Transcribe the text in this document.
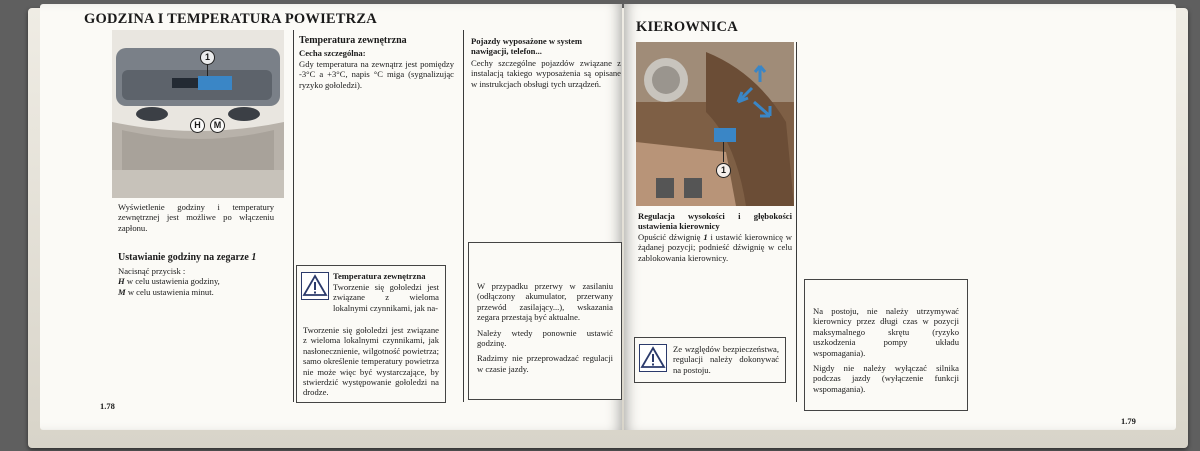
GODZINA I TEMPERATURA POWIETRZA
1
H	M
Wyświetlenie godziny i temperatury zewnętrznej jest możliwe po włączeniu zapłonu.
Ustawianie godziny na zegarze 1

Nacisnąć przycisk :

H w celu ustawienia godziny,

M w celu ustawienia minut.

Temperatura zewnętrzna
Cecha szczególna:
Gdy temperatura na zewnątrz jest pomiędzy -3°C a +3°C, napis °C miga (sygnalizując ryzyko gołoledzi).
Temperatura zewnętrzna
Tworzenie się gołoledzi jest związane z wieloma lokalnymi czynnikami, jak na-
Tworzenie się gołoledzi jest związane z wieloma lokalnymi czynnikami, jak nasłonecznienie, wilgotność powietrza; samo określenie temperatury powietrza nie może więc być wystarczające, by stwierdzić występowanie gołoledzi na drodze.
Pojazdy wyposażone w system nawigacji, telefon...
Cechy szczególne pojazdów związane z instalacją takiego wyposażenia są opisane w instrukcjach obsługi tych urządzeń.

W przypadku przerwy w zasilaniu (odłączony akumulator, przerwany przewód zasilający...), wskazania zegara przestają być aktualne.

Należy wtedy ponownie ustawić godzinę.

Radzimy nie przeprowadzać regulacji w czasie jazdy.

1.78
KIEROWNICA
1
Regulacja wysokości i głębokości ustawienia kierownicy
Opuścić dźwignię 1 i ustawić kierownicę w żądanej pozycji; podnieść dźwignię w celu zablokowania kierownicy.
Ze względów bezpieczeństwa, regulacji należy dokonywać na postoju.

Na postoju, nie należy utrzymywać kierownicy przez długi czas w pozycji maksymalnego skrętu (ryzyko uszkodzenia pompy układu wspomagania).

Nigdy nie należy wyłączać silnika podczas jazdy (wyłączenie funkcji wspomagania).

1.79
